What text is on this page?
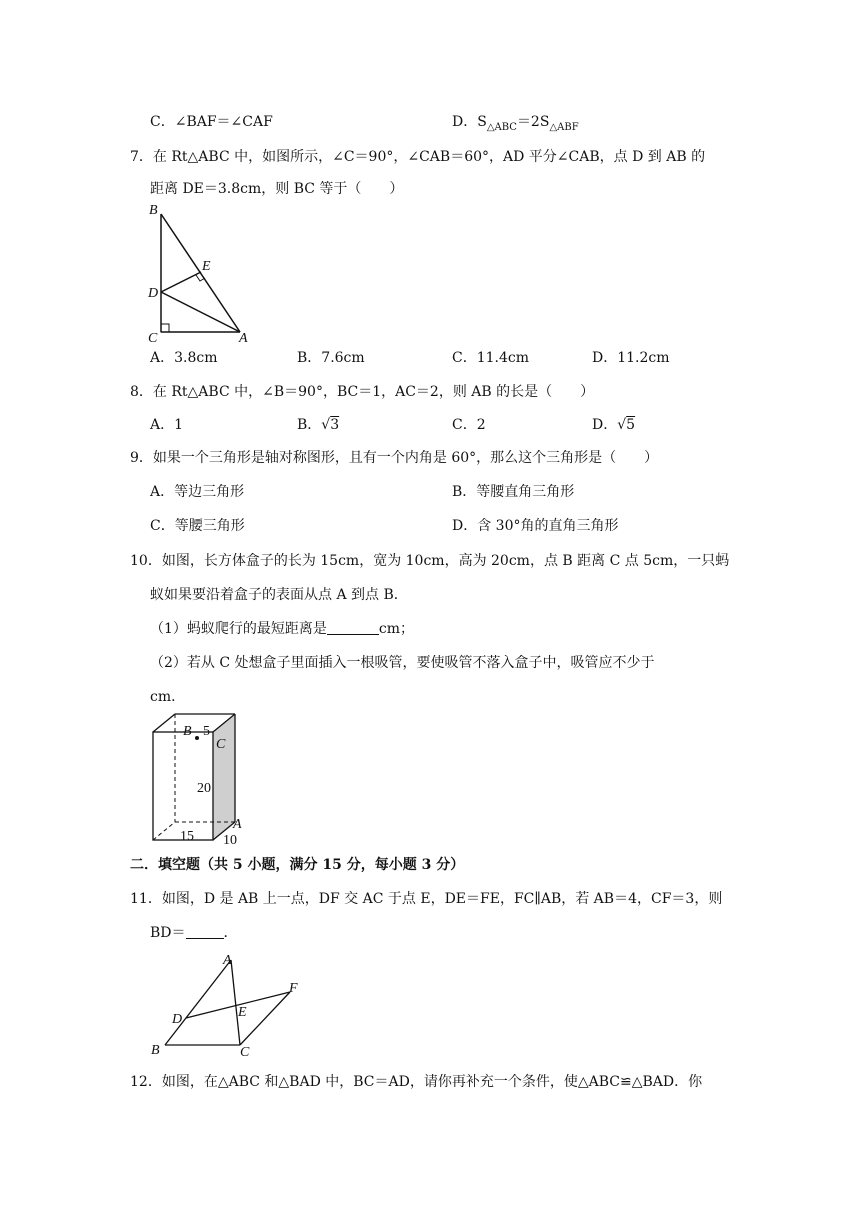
C．∠BAF＝∠CAF	D．$S_{\triangle ABC}=2S_{\triangle ABF}$
7．在 Rt△ABC 中，如图所示，∠C＝90°，∠CAB＝60°，AD 平分∠CAB，点 D 到 AB 的
距离 DE＝3.8cm，则 BC 等于（　　）
B
E
D
C	A
A．3.8cm	B．7.6cm	C．11.4cm	D．11.2cm
8．在 Rt△ABC 中，∠B＝90°，BC＝1，AC＝2，则 AB 的长是（　　）
A．1	B．√3	C．2	D．√5
9．如果一个三角形是轴对称图形，且有一个内角是 60°，那么这个三角形是（　　）
A．等边三角形	B．等腰直角三角形
C．等腰三角形	D．含 30°角的直角三角形
10．如图，长方体盒子的长为 15cm，宽为 10cm，高为 20cm，点 B 距离 C 点 5cm，一只蚂
蚁如果要沿着盒子的表面从点 A 到点 B．
（1）蚂蚁爬行的最短距离是	cm；
（2）若从 C 处想盒子里面插入一根吸管，要使吸管不落入盒子中，吸管应不少于
cm．
B 5
C
20
15
A
10
二．填空题（共 5 小题，满分 15 分，每小题 3 分）
11．如图，D 是 AB 上一点，DF 交 AC 于点 E，DE＝FE，FC∥AB，若 AB＝4，CF＝3，则
BD＝	．
A
F
D	E
B	C
12．如图，在△ABC 和△BAD 中，BC＝AD，请你再补充一个条件，使△ABC≌△BAD．你
